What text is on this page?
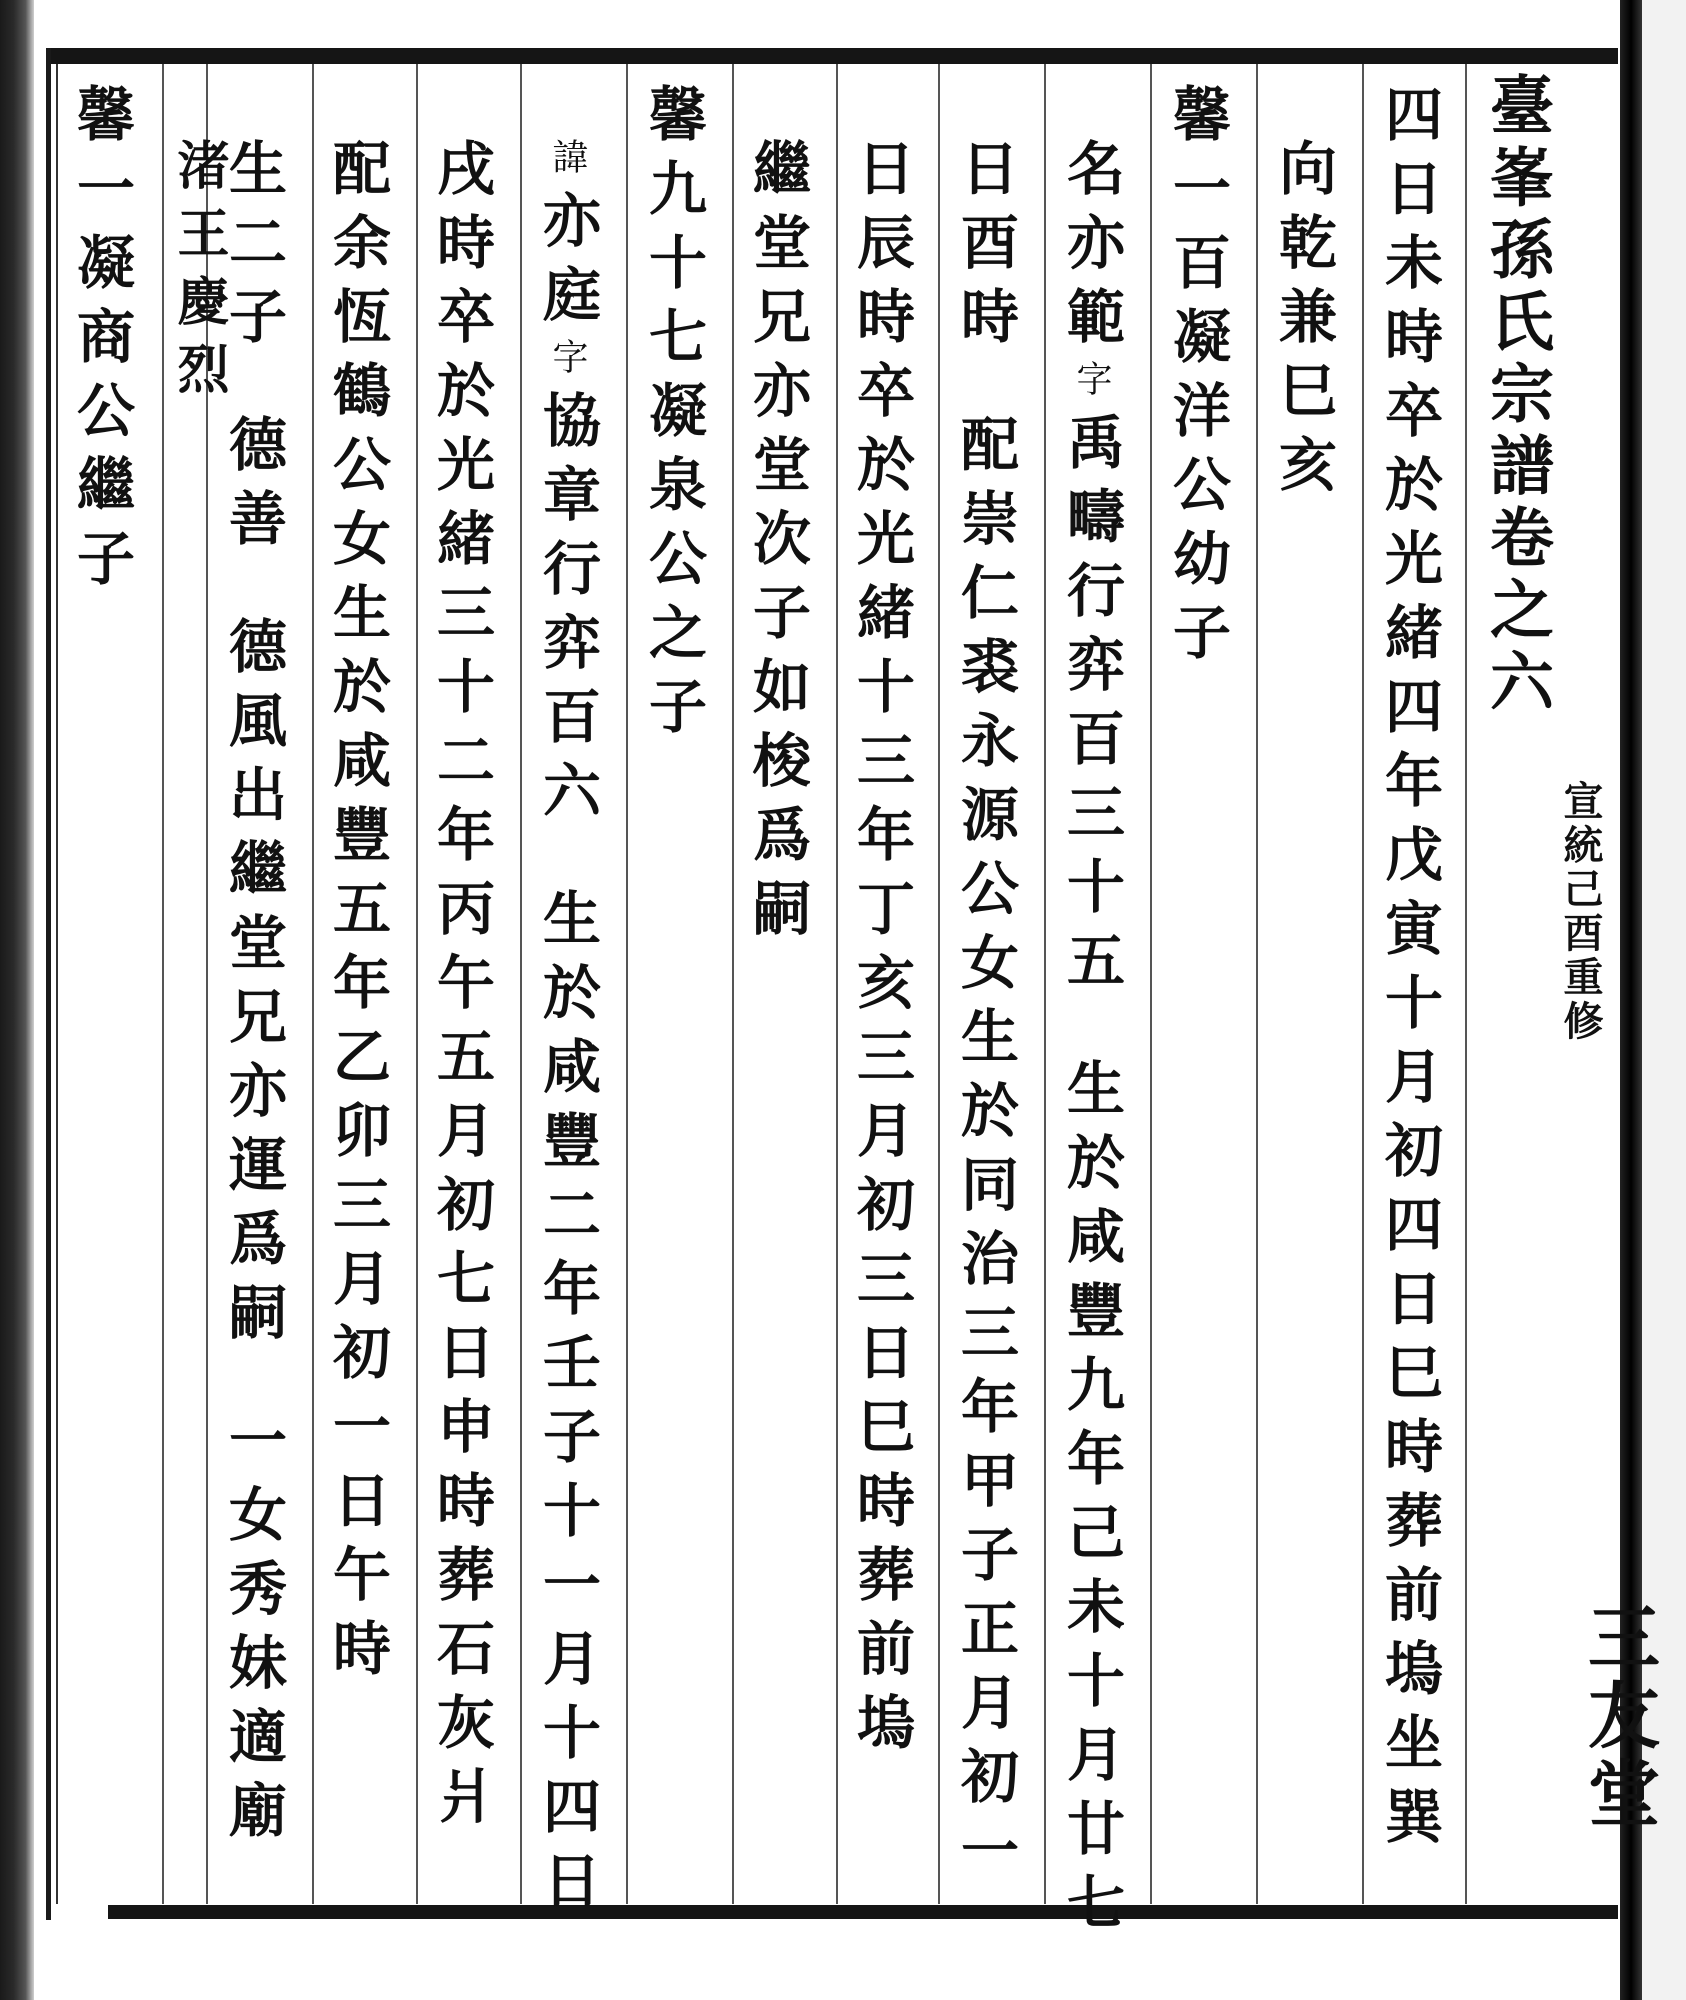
臺峯孫氏宗譜卷之六
宣統己酉重修
三友堂
四日未時卒於光緒四年戊寅十月初四日巳時葬前塢坐巽
向乾兼巳亥
馨一百凝洋公幼子
名亦範字禹疇行弈百三十五生於咸豐九年己未十月廿七
日酉時配崇仁裘永源公女生於同治三年甲子正月初一
日辰時卒於光緒十三年丁亥三月初三日巳時葬前塢
繼堂兄亦堂次子如梭爲嗣
馨九十七凝泉公之子
諱亦庭字協章行弈百六生於咸豐二年壬子十一月十四日
戌時卒於光緒三十二年丙午五月初七日申時葬石灰爿
配余恆鶴公女生於咸豐五年乙卯三月初一日午時
生二子德善德風出繼堂兄亦運爲嗣一女秀妹適廟
渚王慶烈
馨一凝商公繼子
